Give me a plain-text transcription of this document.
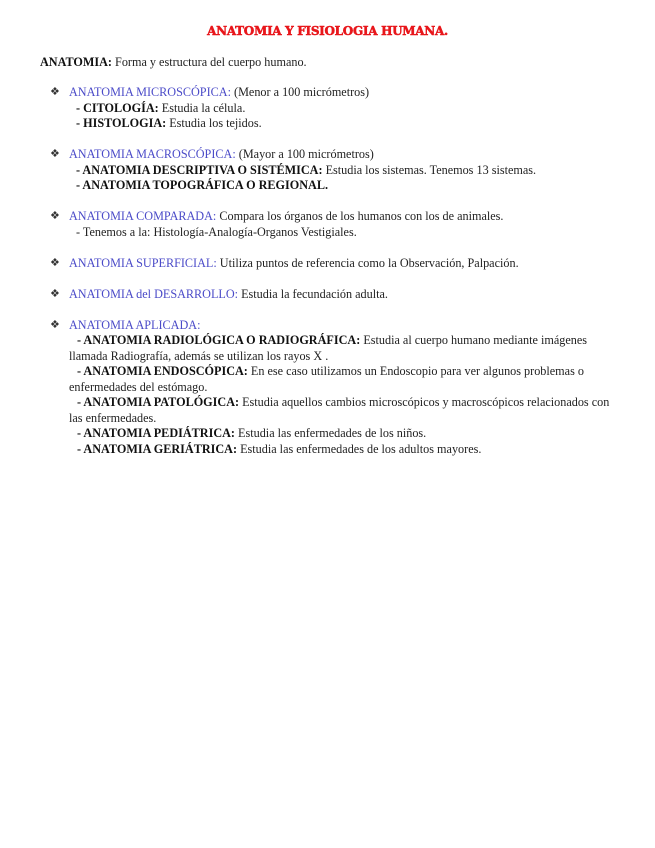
ANATOMIA Y FISIOLOGIA HUMANA.
ANATOMIA: Forma y estructura del cuerpo humano.
❖ ANATOMIA MICROSCÓPICA: (Menor a 100 micrómetros)
- CITOLOGÍA: Estudia la célula.
- HISTOLOGIA: Estudia los tejidos.
❖ ANATOMIA MACROSCÓPICA: (Mayor a 100 micrómetros)
- ANATOMIA DESCRIPTIVA O SISTÉMICA: Estudia los sistemas. Tenemos 13 sistemas.
- ANATOMIA TOPOGRÁFICA O REGIONAL.
❖ ANATOMIA COMPARADA: Compara los órganos de los humanos con los de animales.
- Tenemos a la: Histología-Analogía-Organos Vestigiales.
❖ ANATOMIA SUPERFICIAL: Utiliza puntos de referencia como la Observación, Palpación.
❖ ANATOMIA del DESARROLLO: Estudia la fecundación adulta.
❖ ANATOMIA APLICADA:
- ANATOMIA RADIOLÓGICA O RADIOGRÁFICA: Estudia al cuerpo humano mediante imágenes llamada Radiografía, además se utilizan los rayos X .
- ANATOMIA ENDOSCÓPICA: En ese caso utilizamos un Endoscopio para ver algunos problemas o enfermedades del estómago.
- ANATOMIA PATOLÓGICA: Estudia aquellos cambios microscópicos y macroscópicos relacionados con las enfermedades.
- ANATOMIA PEDIÁTRICA: Estudia las enfermedades de los niños.
- ANATOMIA GERIÁTRICA: Estudia las enfermedades de los adultos mayores.
